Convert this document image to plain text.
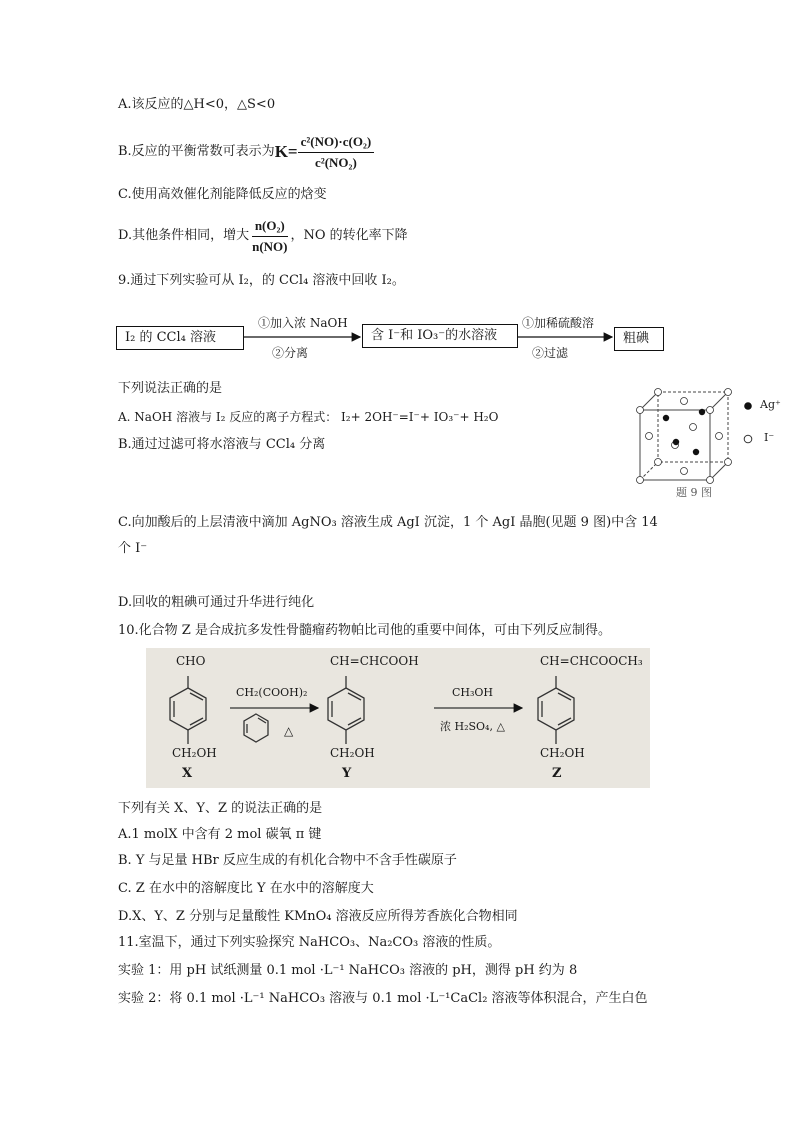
A.该反应的△H<0，△S<0
B.反应的平衡常数可表示为 $K= \frac{\text{c²(NO)·c(O₂)}}{\text{c²(NO₂)}}$
C.使用高效催化剂能降低反应的焓变
D.其他条件相同，增大 $\frac{\text{n(O₂)}}{n(NO)}$ ，NO 的转化率下降
9.通过下列实验可从 I₂，的 CCl₄ 溶液中回收 I₂。
I₂ 的 CCl₄ 溶液
①加入浓 NaOH
②分离
含 I⁻和 IO₃⁻的水溶液
①加稀硫酸溶
②过滤
粗碘
下列说法正确的是
A. NaOH 溶液与 I₂ 反应的离子方程式： I₂+ 2OH⁻=I⁻+ IO₃⁻+ H₂O
B.通过过滤可将水溶液与 CCl₄ 分离
Ag⁺
I⁻
题 9 图
C.向加酸后的上层清液中滴加 AgNO₃ 溶液生成 AgI 沉淀，1 个 AgI 晶胞(见题 9 图)中含 14
个 I⁻
D.回收的粗碘可通过升华进行纯化
10.化合物 Z 是合成抗多发性骨髓瘤药物帕比司他的重要中间体，可由下列反应制得。
CHO
CH₂OH
X
CH₂(COOH)₂
△
CH=CHCOOH
CH₂OH
Y
CH₃OH
浓 H₂SO₄, △
CH=CHCOOCH₃
CH₂OH
Z
下列有关 X、Y、Z 的说法正确的是
A.1 molX 中含有 2 mol 碳氧 π 键
B. Y 与足量 HBr 反应生成的有机化合物中不含手性碳原子
C. Z 在水中的溶解度比 Y 在水中的溶解度大
D.X、Y、Z 分别与足量酸性 KMnO₄ 溶液反应所得芳香族化合物相同
11.室温下，通过下列实验探究 NaHCO₃、Na₂CO₃ 溶液的性质。
实验 1：用 pH 试纸测量 0.1 mol ·L⁻¹ NaHCO₃ 溶液的 pH，测得 pH 约为 8
实验 2：将 0.1 mol ·L⁻¹ NaHCO₃ 溶液与 0.1 mol ·L⁻¹CaCl₂ 溶液等体积混合，产生白色
